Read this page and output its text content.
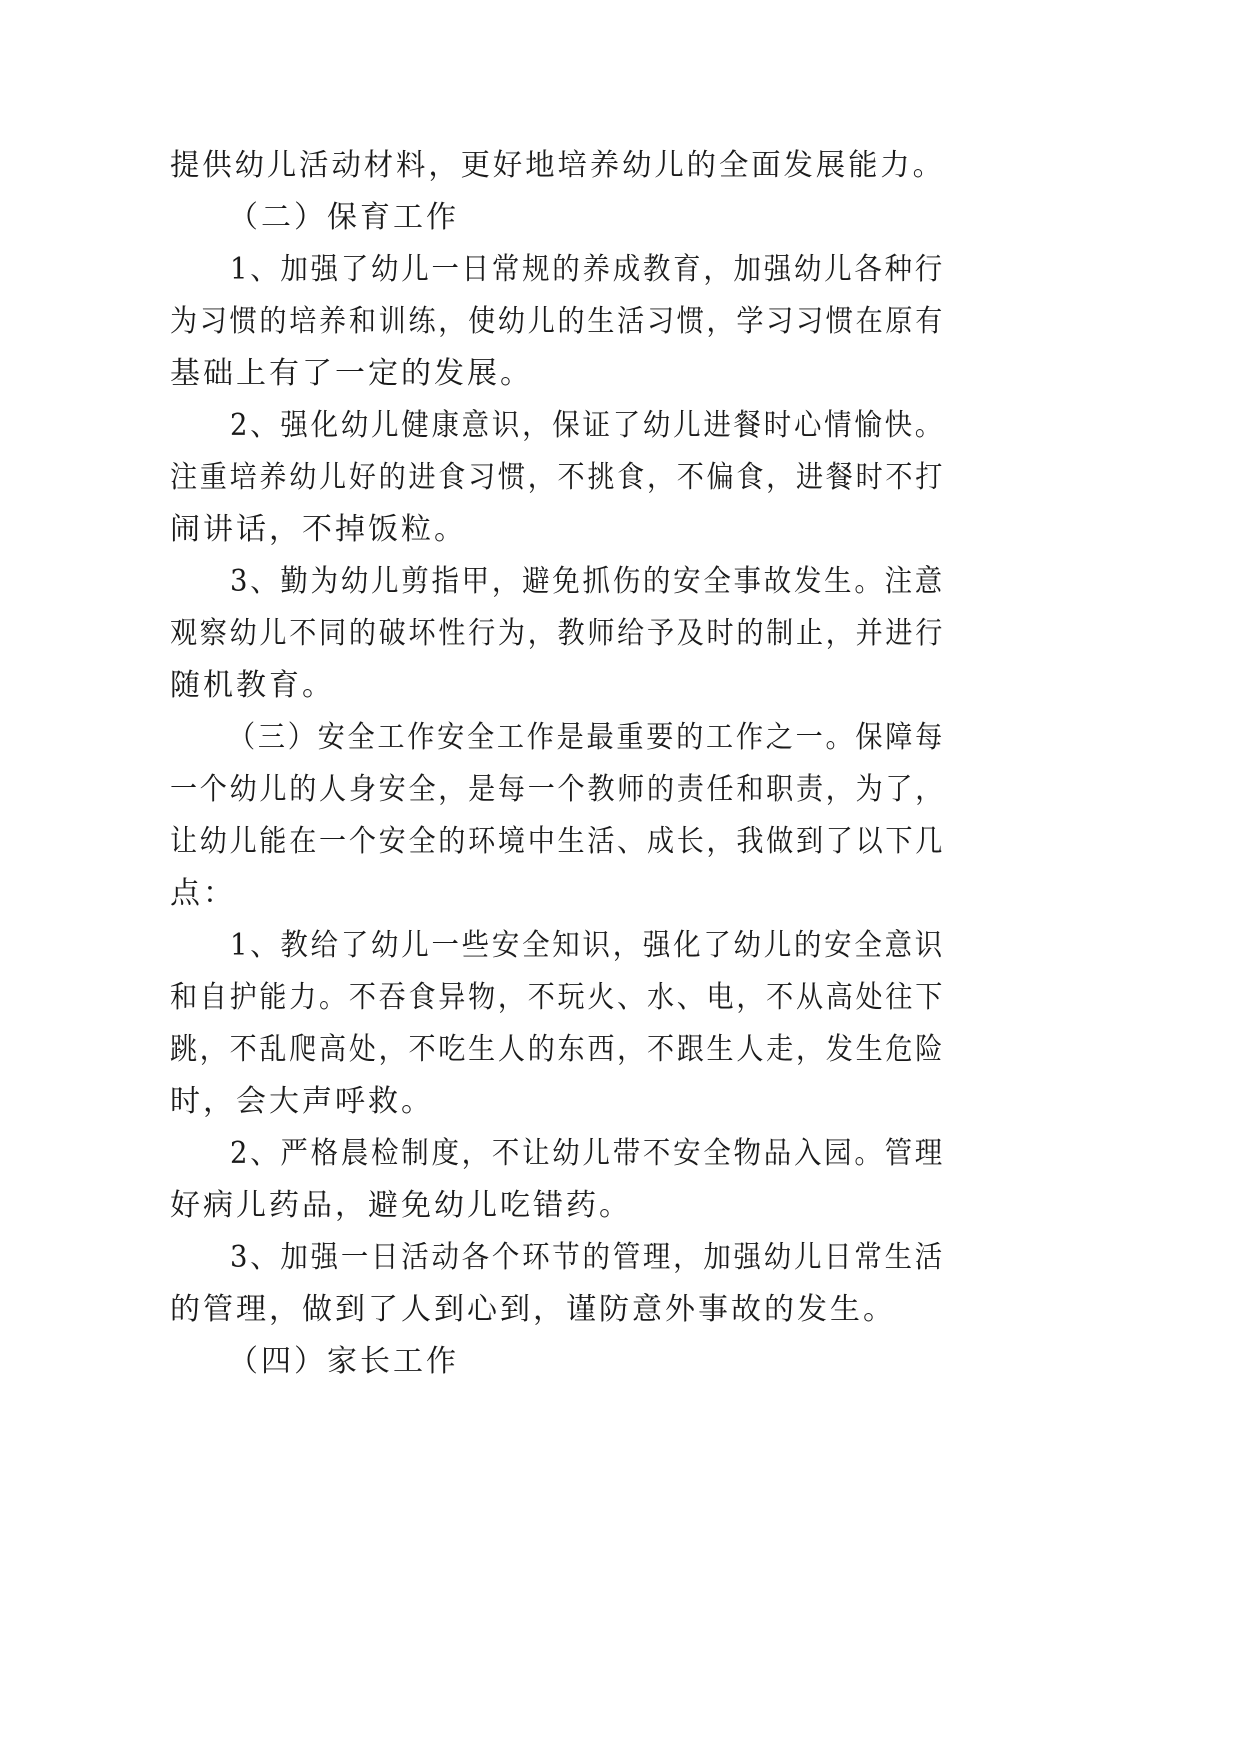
提供幼儿活动材料，更好地培养幼儿的全面发展能力。
（二）保育工作
1、加强了幼儿一日常规的养成教育，加强幼儿各种行
为习惯的培养和训练，使幼儿的生活习惯，学习习惯在原有
基础上有了一定的发展。
2、强化幼儿健康意识，保证了幼儿进餐时心情愉快。
注重培养幼儿好的进食习惯，不挑食，不偏食，进餐时不打
闹讲话，不掉饭粒。
3、勤为幼儿剪指甲，避免抓伤的安全事故发生。注意
观察幼儿不同的破坏性行为，教师给予及时的制止，并进行
随机教育。
（三）安全工作安全工作是最重要的工作之一。保障每
一个幼儿的人身安全，是每一个教师的责任和职责，为了，
让幼儿能在一个安全的环境中生活、成长，我做到了以下几
点：
1、教给了幼儿一些安全知识，强化了幼儿的安全意识
和自护能力。不吞食异物，不玩火、水、电，不从高处往下
跳，不乱爬高处，不吃生人的东西，不跟生人走，发生危险
时，会大声呼救。
2、严格晨检制度，不让幼儿带不安全物品入园。管理
好病儿药品，避免幼儿吃错药。
3、加强一日活动各个环节的管理，加强幼儿日常生活
的管理，做到了人到心到，谨防意外事故的发生。
（四）家长工作
